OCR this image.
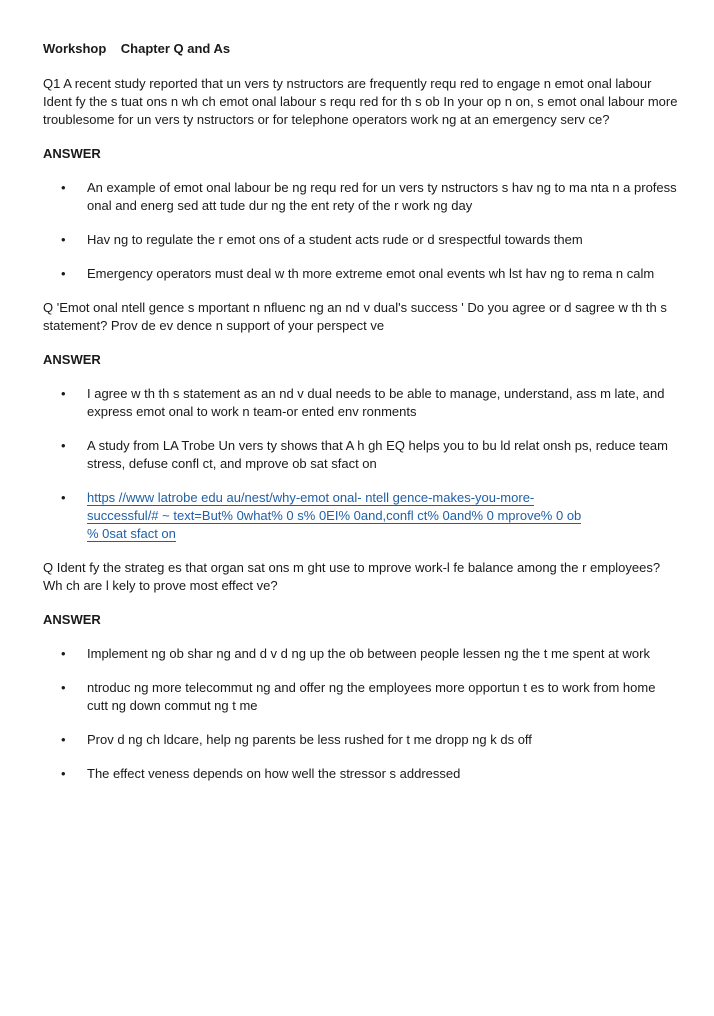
Workshop    Chapter Q and As

Q1 A recent study reported that un vers ty nstructors are frequently requ red to engage n emot onal labour Ident fy the s tuat ons n wh ch emot onal labour s requ red for th s ob In your op n on, s emot onal labour more troublesome for un vers ty nstructors or for telephone operators work ng at an emergency serv ce?

ANSWER

• An example of emot onal labour be ng requ red for un vers ty nstructors s hav ng to ma nta n a profess onal and energ sed att tude dur ng the ent rety of the r work ng day
• Hav ng to regulate the r emot ons of a student acts rude or d srespectful towards them
• Emergency operators must deal w th more extreme emot onal events wh lst hav ng to rema n calm

Q 'Emot onal ntell gence s mportant n nfluenc ng an nd v dual's success ' Do you agree or d sagree w th th s statement? Prov de ev dence n support of your perspect ve

ANSWER

• I agree w th th s statement as an nd v dual needs to be able to manage, understand, ass m late, and express emot onal to work n team-or ented env ronments
• A study from LA Trobe Un vers ty shows that A h gh EQ helps you to bu ld relat onsh ps, reduce team stress, defuse confl ct, and mprove ob sat sfact on
• https //www latrobe edu au/nest/why-emot onal- ntell gence-makes-you-more-
successful/# ~ text=But% 0what% 0 s% 0EI% 0and,confl ct% 0and% 0 mprove% 0 ob
% 0sat sfact on

Q Ident fy the strateg es that organ sat ons m ght use to mprove work-l fe balance among the r employees? Wh ch are l kely to prove most effect ve?

ANSWER

• Implement ng ob shar ng and d v d ng up the ob between people lessen ng the t me spent at work
• ntroduc ng more telecommut ng and offer ng the employees more opportun t es to work from home cutt ng down commut ng t me
• Prov d ng ch ldcare, help ng parents be less rushed for t me dropp ng k ds off
• The effect veness depends on how well the stressor s addressed
